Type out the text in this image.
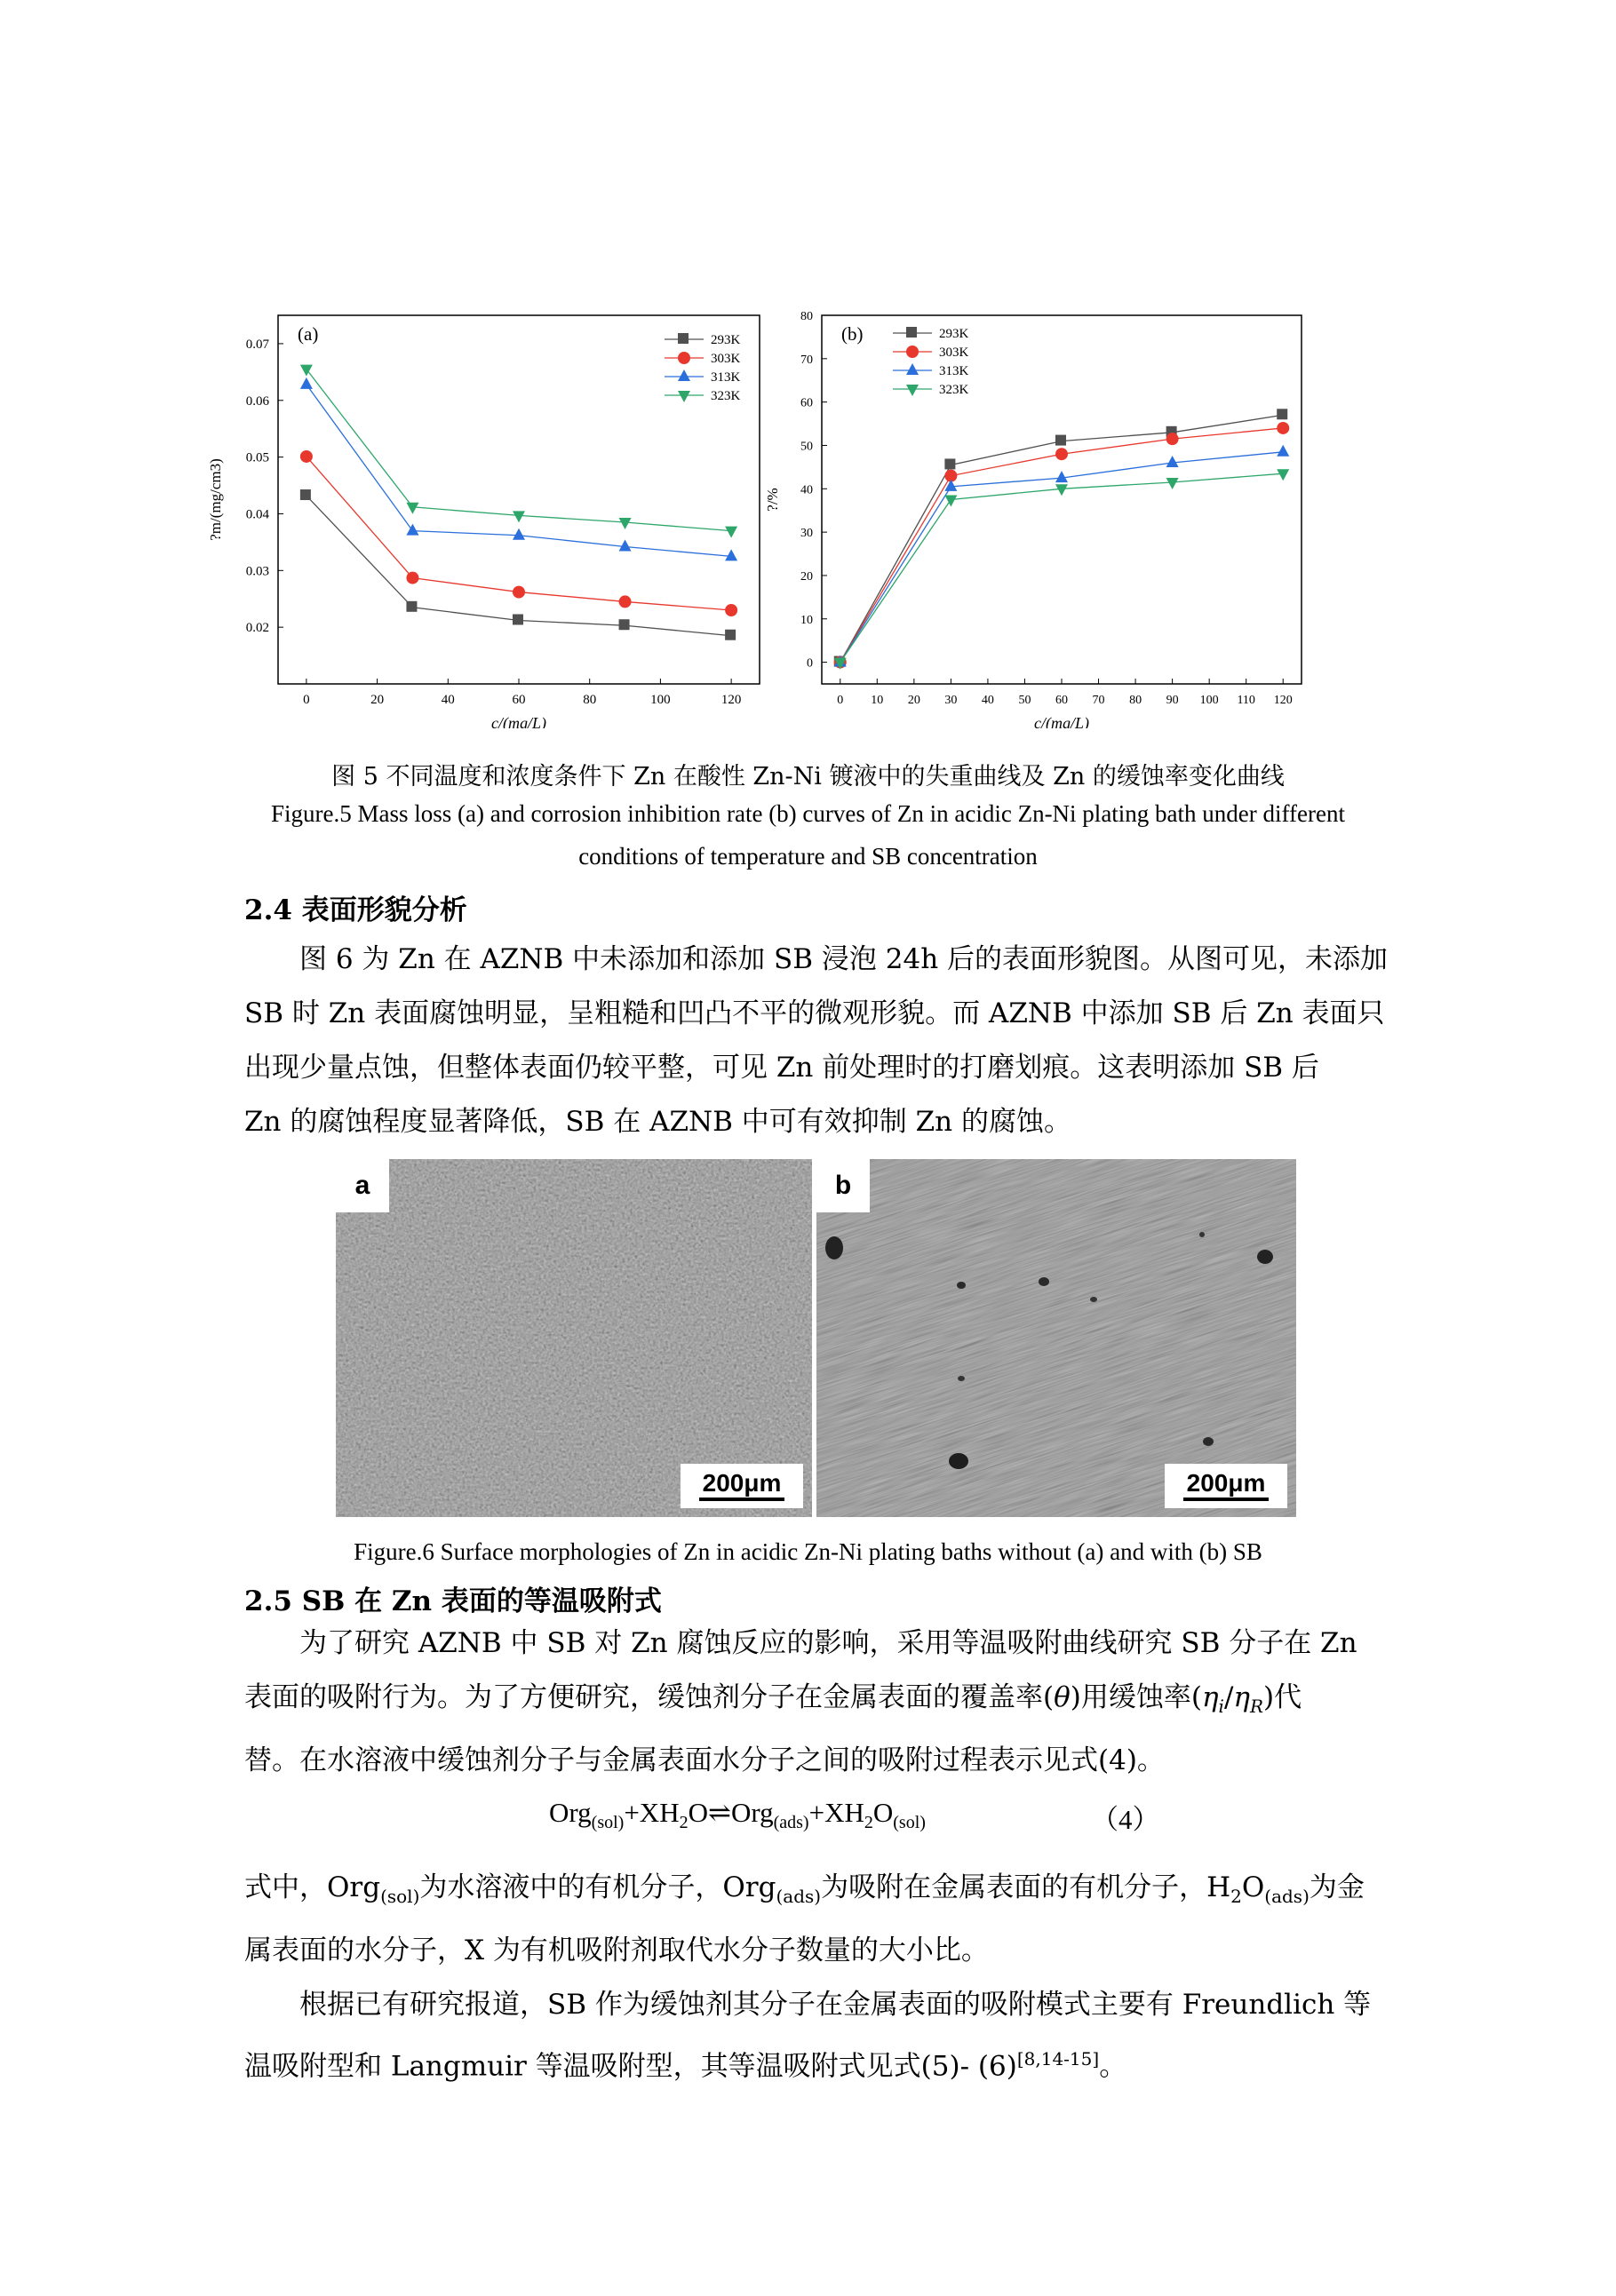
0	20	40	60	80	100	120
0.02
0.03
0.04
0.05
0.06
0.07	293K
303K
313K
323K
(a)
c/(mg/L)
?m/(mg/cm3)
0 10 20 30 40 50 60 70 80 90 100 110 120
0
10
20
30
40
50
60
70
80
293K
303K
313K
323K
(b)
c/(mg/L)
?/%
图 5 不同温度和浓度条件下 Zn 在酸性 Zn-Ni 镀液中的失重曲线及 Zn 的缓蚀率变化曲线
Figure.5 Mass loss (a) and corrosion inhibition rate (b) curves of Zn in acidic Zn-Ni plating bath under different
conditions of temperature and SB concentration
2.4 表面形貌分析
图 6 为 Zn 在 AZNB 中未添加和添加 SB 浸泡 24h 后的表面形貌图。从图可见，未添加
SB 时 Zn 表面腐蚀明显，呈粗糙和凹凸不平的微观形貌。而 AZNB 中添加 SB 后 Zn 表面只
出现少量点蚀，但整体表面仍较平整，可见 Zn 前处理时的打磨划痕。这表明添加 SB 后
Zn 的腐蚀程度显著降低，SB 在 AZNB 中可有效抑制 Zn 的腐蚀。
a
200μm
b
200μm
Figure.6 Surface morphologies of Zn in acidic Zn-Ni plating baths without (a) and with (b) SB
2.5 SB 在 Zn 表面的等温吸附式
为了研究 AZNB 中 SB 对 Zn 腐蚀反应的影响，采用等温吸附曲线研究 SB 分子在 Zn
表面的吸附行为。为了方便研究，缓蚀剂分子在金属表面的覆盖率(θ)用缓蚀率$(\eta_i/\eta_R)$代
替。在水溶液中缓蚀剂分子与金属表面水分子之间的吸附过程表示见式(4)。
$Org_{(sol)}+XH_2O\rightleftharpoons Org_{(ads)}+XH_2O_{(sol)}$	（4）
式中，Org$_{(sol)}$为水溶液中的有机分子，Org$_{(ads)}$为吸附在金属表面的有机分子，$H_2O_{(ads)}$为金
属表面的水分子，X 为有机吸附剂取代水分子数量的大小比。
根据已有研究报道，SB 作为缓蚀剂其分子在金属表面的吸附模式主要有 Freundlich 等
温吸附型和 Langmuir 等温吸附型，其等温吸附式见式(5)- (6)[8,14-15]。
